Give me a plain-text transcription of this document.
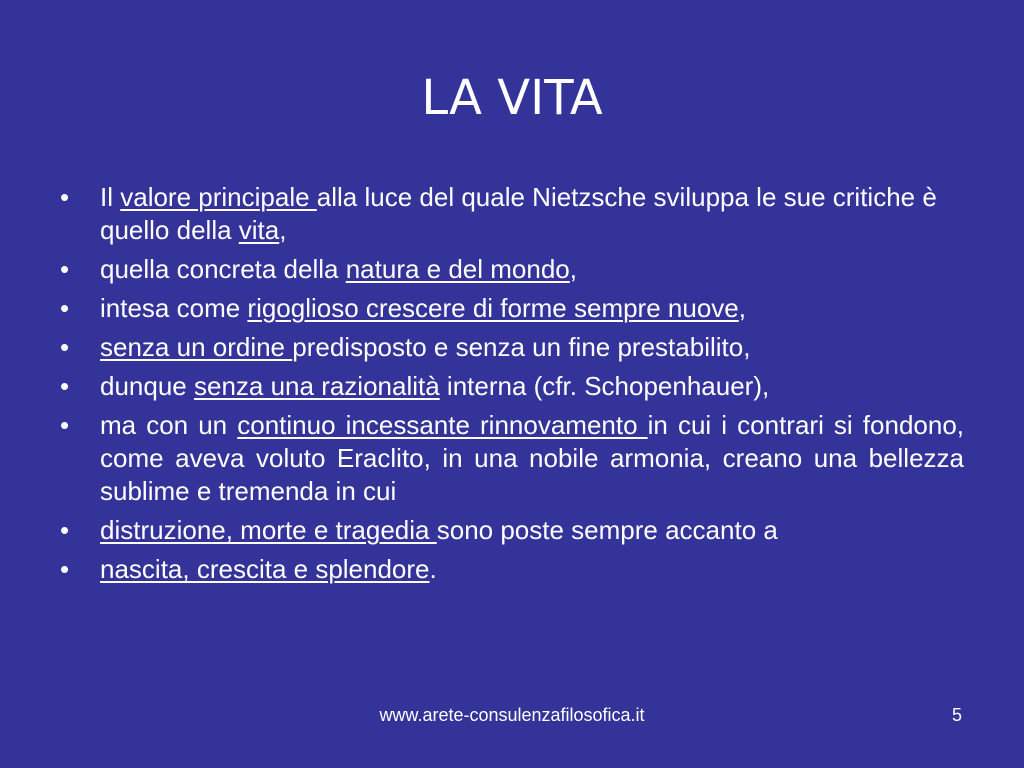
LA VITA
• Il valore principale alla luce del quale Nietzsche sviluppa le sue critiche è quello della vita,
• quella concreta della natura e del mondo,
• intesa come rigoglioso crescere di forme sempre nuove,
• senza un ordine predisposto e senza un fine prestabilito,
• dunque senza una razionalità interna (cfr. Schopenhauer),
• ma con un continuo incessante rinnovamento in cui i contrari si fondono, come aveva voluto Eraclito, in una nobile armonia, creano una bellezza sublime e tremenda in cui
• distruzione, morte e tragedia sono poste sempre accanto a
• nascita, crescita e splendore.
www.arete-consulenzafilosofica.it	5
